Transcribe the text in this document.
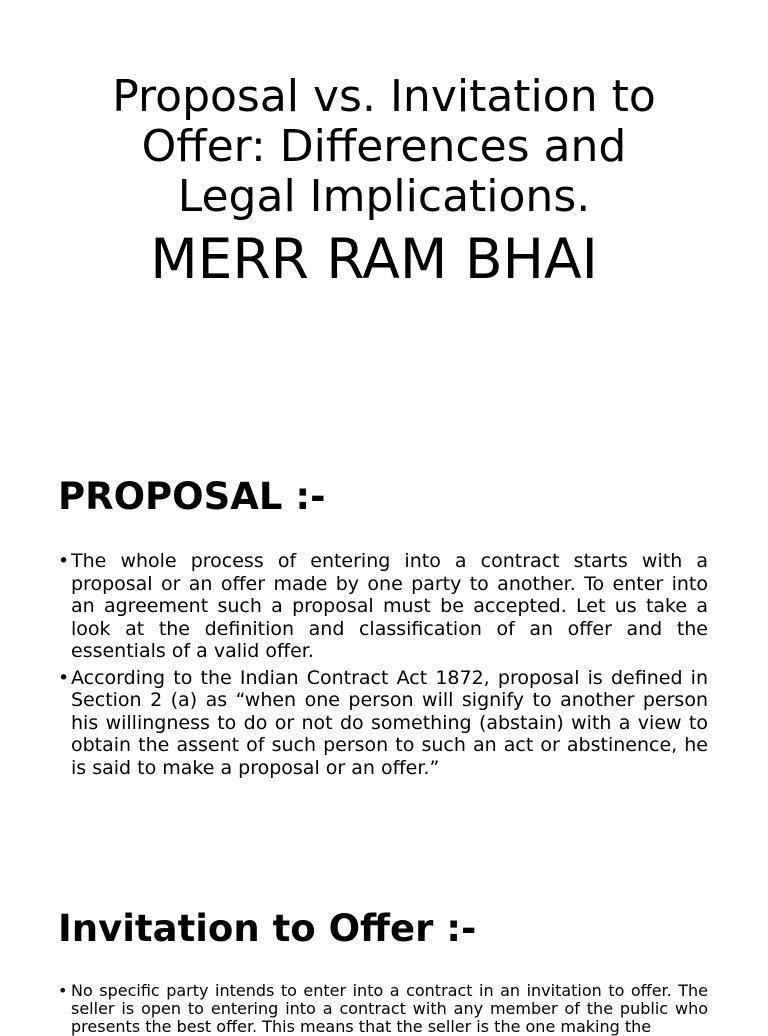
Proposal vs. Invitation to Offer: Differences and Legal Implications.
MERR RAM BHAI
PROPOSAL :-
• The whole process of entering into a contract starts with a proposal or an offer made by one party to another. To enter into an agreement such a proposal must be accepted. Let us take a look at the definition and classification of an offer and the essentials of a valid offer.
• According to the Indian Contract Act 1872, proposal is defined in Section 2 (a) as “when one person will signify to another person his willingness to do or not do something (abstain) with a view to obtain the assent of such person to such an act or abstinence, he is said to make a proposal or an offer.”
Invitation to Offer :-
• No specific party intends to enter into a contract in an invitation to offer. The seller is open to entering into a contract with any member of the public who presents the best offer. This means that the seller is the one making the
